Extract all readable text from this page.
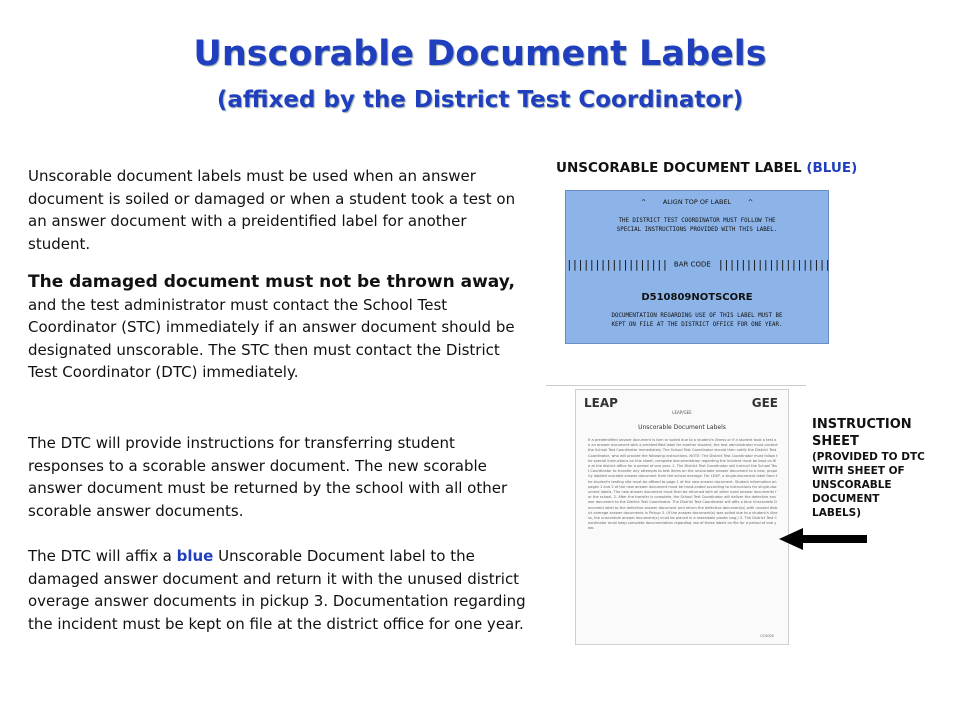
Unscorable Document Labels
(affixed by the District Test Coordinator)

Unscorable document labels must be used when an answer document is soiled or damaged or when a student took a test on an answer document with a preidentified label for another student.

The damaged document must not be thrown away, and the test administrator must contact the School Test Coordinator (STC) immediately if an answer document should be designated unscorable. The STC then must contact the District Test Coordinator (DTC) immediately.

The DTC will provide instructions for transferring student responses to a scorable answer document. The new scorable answer document must be returned by the school with all other scorable answer documents.

The DTC will affix a blue Unscorable Document label to the damaged answer document and return it with the unused district overage answer documents in pickup 3. Documentation regarding the incident must be kept on file at the district office for one year.

UNSCORABLE DOCUMENT LABEL (BLUE)

^        ALIGN TOP OF LABEL        ^
THE DISTRICT TEST COORDINATOR MUST FOLLOW THE
SPECIAL INSTRUCTIONS PROVIDED WITH THIS LABEL.
|||||||||||||||||| BAR CODE ||||||||||||||||||||
D510809NOTSCORE
DOCUMENTATION REGARDING USE OF THIS LABEL MUST BE
KEPT ON FILE AT THE DISTRICT OFFICE FOR ONE YEAR.
LEAP	GEE
LEAP/GEE
Unscorable Document Labels
If a preidentified answer document is torn or soiled due to a student's illness or if a student took a test on an answer document with a preidentified label for another student, the test administrator must contact the School Test Coordinator immediately. The School Test Coordinator should then notify the District Test Coordinator, who will provide the following instructions. NOTE: The District Test Coordinator must follow the special instructions on this sheet; complete documentation regarding the incident must be kept on file at the district office for a period of one year. 1. The District Test Coordinator will instruct the School Test Coordinator to transfer any attempts to test items on the unscorable answer document to a new, properly labeled scorable answer document from the school overage. For LEAP, a single-document label from the student's testing site must be affixed to page 1 of the new answer document. Student information on pages 1 and 2 of the new answer document must be hand-coded according to instructions for single-document labels. The new answer document must then be returned with all other used answer documents for the school. 2. After the transfer is complete, the School Test Coordinator will deliver the defective answer document to the District Test Coordinator. The District Test Coordinator will affix a blue Unscorable Document label to the defective answer document and return the defective document(s) with unused district overage answer documents in Pickup 3. (If the answer document(s) was soiled due to a student's illness, the unscorable answer document(s) must be placed in a resealable plastic bag.) 3. The District Test Coordinator must keep complete documentation regarding use of these labels on file for a period of one year.
CC0000
INSTRUCTION
SHEET
(PROVIDED TO DTC
WITH SHEET OF
UNSCORABLE
DOCUMENT
LABELS)
